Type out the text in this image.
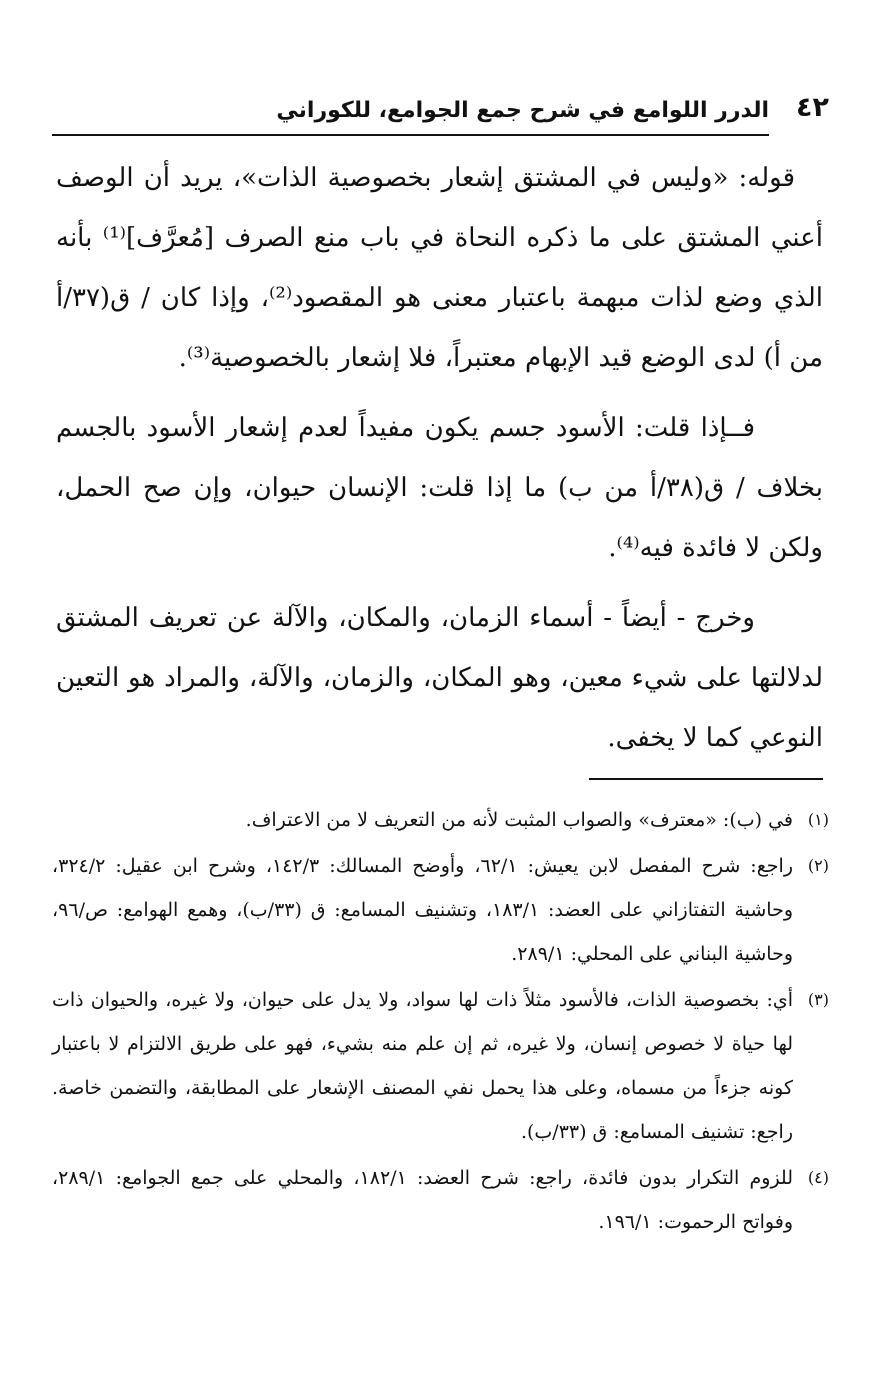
٤٢
الدرر اللوامع في شرح جمع الجوامع، للكوراني

قوله: «وليس في المشتق إشعار بخصوصية الذات»، يريد أن الوصف أعني المشتق على ما ذكره النحاة في باب منع الصرف [مُعرَّف]⁽¹⁾ بأنه الذي وضع لذات مبهمة باعتبار معنى هو المقصود⁽²⁾، وإذا كان / ق(٣٧/أ من أ) لدى الوضع قيد الإبهام معتبراً، فلا إشعار بالخصوصية⁽³⁾.

فــإذا قلت: الأسود جسم يكون مفيداً لعدم إشعار الأسود بالجسم بخلاف / ق(٣٨/أ من ب) ما إذا قلت: الإنسان حيوان، وإن صح الحمل، ولكن لا فائدة فيه⁽⁴⁾.

وخرج - أيضاً - أسماء الزمان، والمكان، والآلة عن تعريف المشتق لدلالتها على شيء معين، وهو المكان، والزمان، والآلة، والمراد هو التعين النوعي كما لا يخفى.

(١)
في (ب): «معترف» والصواب المثبت لأنه من التعريف لا من الاعتراف.
(٢)
راجع: شرح المفصل لابن يعيش: ٦٢/١، وأوضح المسالك: ١٤٢/٣، وشرح ابن عقيل: ٣٢٤/٢، وحاشية التفتازاني على العضد: ١٨٣/١، وتشنيف المسامع: ق (٣٣/ب)، وهمع الهوامع: ص/٩٦، وحاشية البناني على المحلي: ٢٨٩/١.
(٣)
أي: بخصوصية الذات، فالأسود مثلاً ذات لها سواد، ولا يدل على حيوان، ولا غيره، والحيوان ذات لها حياة لا خصوص إنسان، ولا غيره، ثم إن علم منه بشيء، فهو على طريق الالتزام لا باعتبار كونه جزءاً من مسماه، وعلى هذا يحمل نفي المصنف الإشعار على المطابقة، والتضمن خاصة. راجع: تشنيف المسامع: ق (٣٣/ب).
(٤)
للزوم التكرار بدون فائدة، راجع: شرح العضد: ١٨٢/١، والمحلي على جمع الجوامع: ٢٨٩/١، وفواتح الرحموت: ١٩٦/١.
